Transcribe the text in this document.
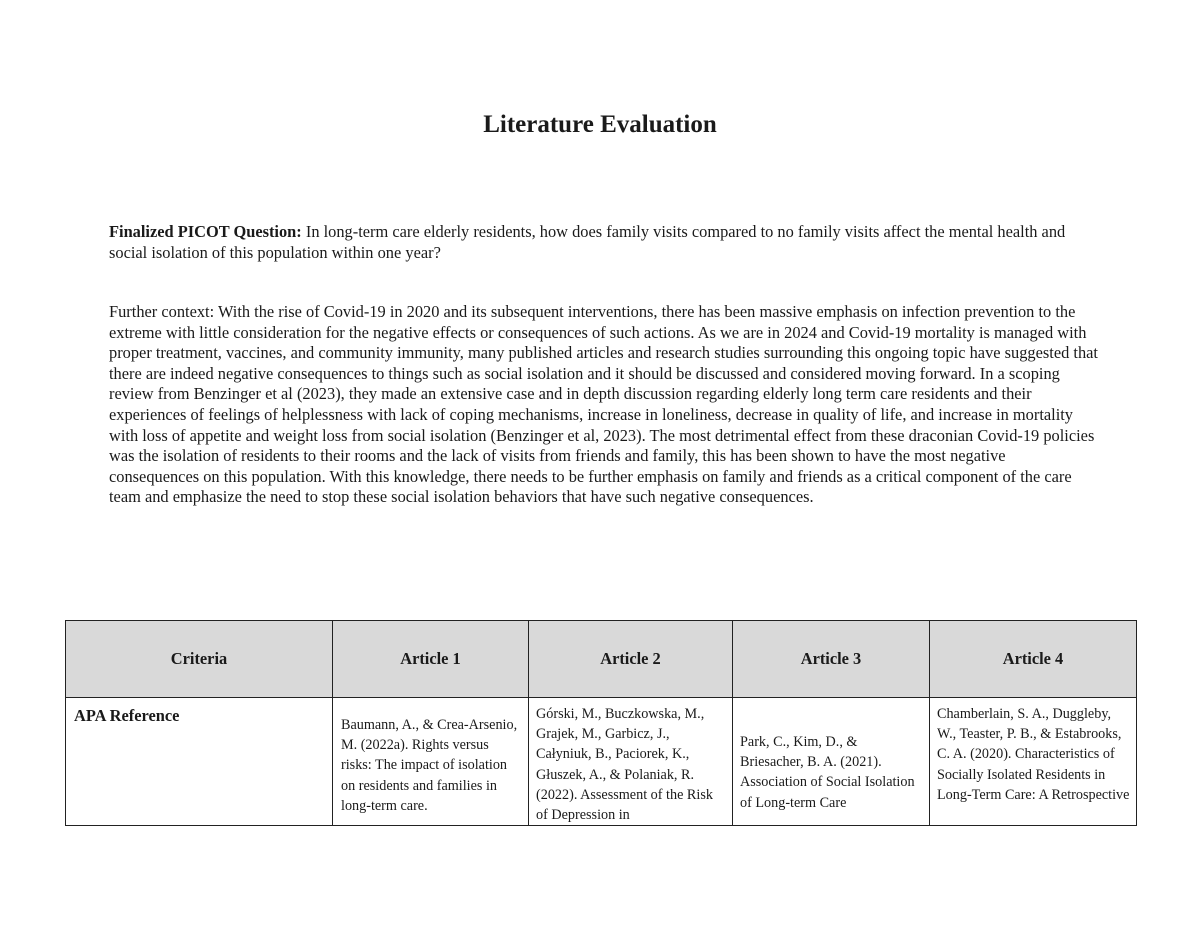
Literature Evaluation

Finalized PICOT Question: In long-term care elderly residents, how does family visits compared to no family visits affect the mental health and social isolation of this population within one year?

Further context: With the rise of Covid-19 in 2020 and its subsequent interventions, there has been massive emphasis on infection prevention to the extreme with little consideration for the negative effects or consequences of such actions. As we are in 2024 and Covid-19 mortality is managed with proper treatment, vaccines, and community immunity, many published articles and research studies surrounding this ongoing topic have suggested that there are indeed negative consequences to things such as social isolation and it should be discussed and considered moving forward. In a scoping review from Benzinger et al (2023), they made an extensive case and in depth discussion regarding elderly long term care residents and their experiences of feelings of helplessness with lack of coping mechanisms, increase in loneliness, decrease in quality of life, and increase in mortality with loss of appetite and weight loss from social isolation (Benzinger et al, 2023). The most detrimental effect from these draconian Covid-19 policies was the isolation of residents to their rooms and the lack of visits from friends and family, this has been shown to have the most negative consequences on this population. With this knowledge, there needs to be further emphasis on family and friends as a critical component of the care team and emphasize the need to stop these social isolation behaviors that have such negative consequences.

Criteria	Article 1	Article 2	Article 3	Article 4
APA Reference	Baumann, A., & Crea-Arsenio, M. (2022a). Rights versus risks: The impact of isolation on residents and families in long-term care.	Górski, M., Buczkowska, M., Grajek, M., Garbicz, J., Całyniuk, B., Paciorek, K., Głuszek, A., & Polaniak, R. (2022). Assessment of the Risk of Depression in	Park, C., Kim, D., & Briesacher, B. A. (2021). Association of Social Isolation of Long-term Care	Chamberlain, S. A., Duggleby, W., Teaster, P. B., & Estabrooks, C. A. (2020). Characteristics of Socially Isolated Residents in Long-Term Care: A Retrospective
